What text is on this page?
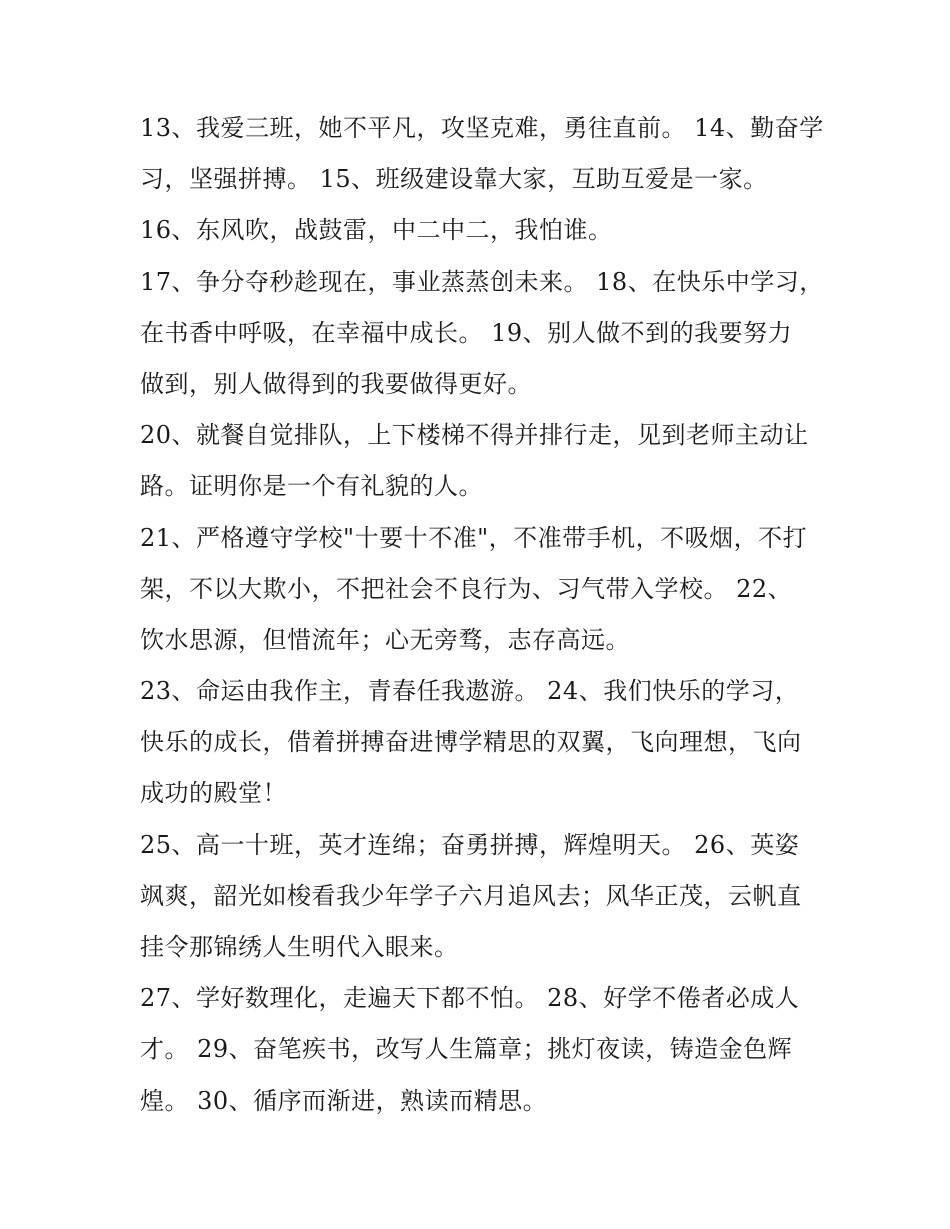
13、我爱三班，她不平凡，攻坚克难，勇往直前。 14、勤奋学
习，坚强拼搏。 15、班级建设靠大家，互助互爱是一家。
16、东风吹，战鼓雷，中二中二，我怕谁。
17、争分夺秒趁现在，事业蒸蒸创未来。 18、在快乐中学习，
在书香中呼吸，在幸福中成长。 19、别人做不到的我要努力
做到，别人做得到的我要做得更好。
20、就餐自觉排队，上下楼梯不得并排行走，见到老师主动让
路。证明你是一个有礼貌的人。
21、严格遵守学校"十要十不准"，不准带手机，不吸烟，不打
架，不以大欺小，不把社会不良行为、习气带入学校。 22、
饮水思源，但惜流年；心无旁骛，志存高远。
23、命运由我作主，青春任我遨游。 24、我们快乐的学习，
快乐的成长，借着拼搏奋进博学精思的双翼，飞向理想，飞向
成功的殿堂！
25、高一十班，英才连绵；奋勇拼搏，辉煌明天。 26、英姿
飒爽，韶光如梭看我少年学子六月追风去；风华正茂，云帆直
挂令那锦绣人生明代入眼来。
27、学好数理化，走遍天下都不怕。 28、好学不倦者必成人
才。 29、奋笔疾书，改写人生篇章；挑灯夜读，铸造金色辉
煌。 30、循序而渐进，熟读而精思。
